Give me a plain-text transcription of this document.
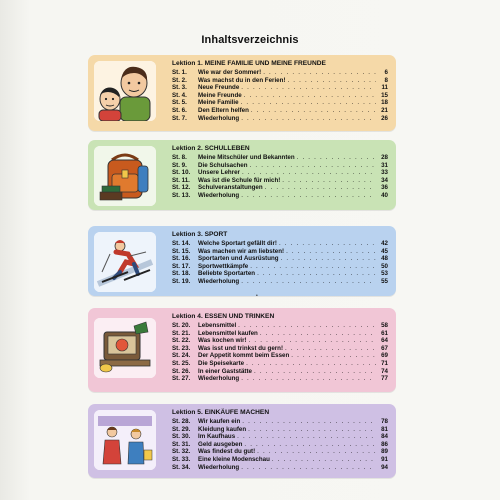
Inhaltsverzeichnis
Lektion 1. MEINE FAMILIE UND MEINE FREUNDE
St. 1.	Wie war der Sommer! . . .	6
St. 2.	Was machst du in den Ferien! . . .	8
St. 3.	Neue Freunde . . .	11
St. 4.	Meine Freunde . . .	15
St. 5.	Meine Familie . . .	18
St. 6.	Den Eltern helfen . . .	21
St. 7.	Wiederholung . . .	26
Lektion 2. SCHULLEBEN
St. 8.	Meine Mitschüler und Bekannten . . .	28
St. 9.	Die Schulsachen . . .	31
St. 10.	Unsere Lehrer . . .	33
St. 11.	Was ist die Schule für mich! . . .	34
St. 12.	Schulveranstaltungen . . .	36
St. 13.	Wiederholung . . .	40
Lektion 3. SPORT
St. 14.	Welche Sportart gefällt dir! . . .	42
St. 15.	Was machen wir am liebsten! . . .	45
St. 16.	Sportarten und Ausrüstung . . .	48
St. 17.	Sportwettkämpfe . . .	50
St. 18.	Beliebte Sportarten . . .	53
St. 19.	Wiederholung . . .	55
•
Lektion 4. ESSEN UND TRINKEN
St. 20.	Lebensmittel . . .	58
St. 21.	Lebensmittel kaufen . . .	61
St. 22.	Was kochen wir! . . .	64
St. 23.	Was isst und trinkst du gern! . . .	67
St. 24.	Der Appetit kommt beim Essen . . .	69
St. 25.	Die Speisekarte . . .	71
St. 26.	In einer Gaststätte . . .	74
St. 27.	Wiederholung . . .	77
Lektion 5. EINKÄUFE MACHEN
St. 28.	Wir kaufen ein . . .	78
St. 29.	Kleidung kaufen . . .	81
St. 30.	Im Kaufhaus . . .	84
St. 31.	Geld ausgeben . . .	86
St. 32.	Was findest du gut! . . .	89
St. 33.	Eine kleine Modenschau . . .	91
St. 34.	Wiederholung . . .	94
